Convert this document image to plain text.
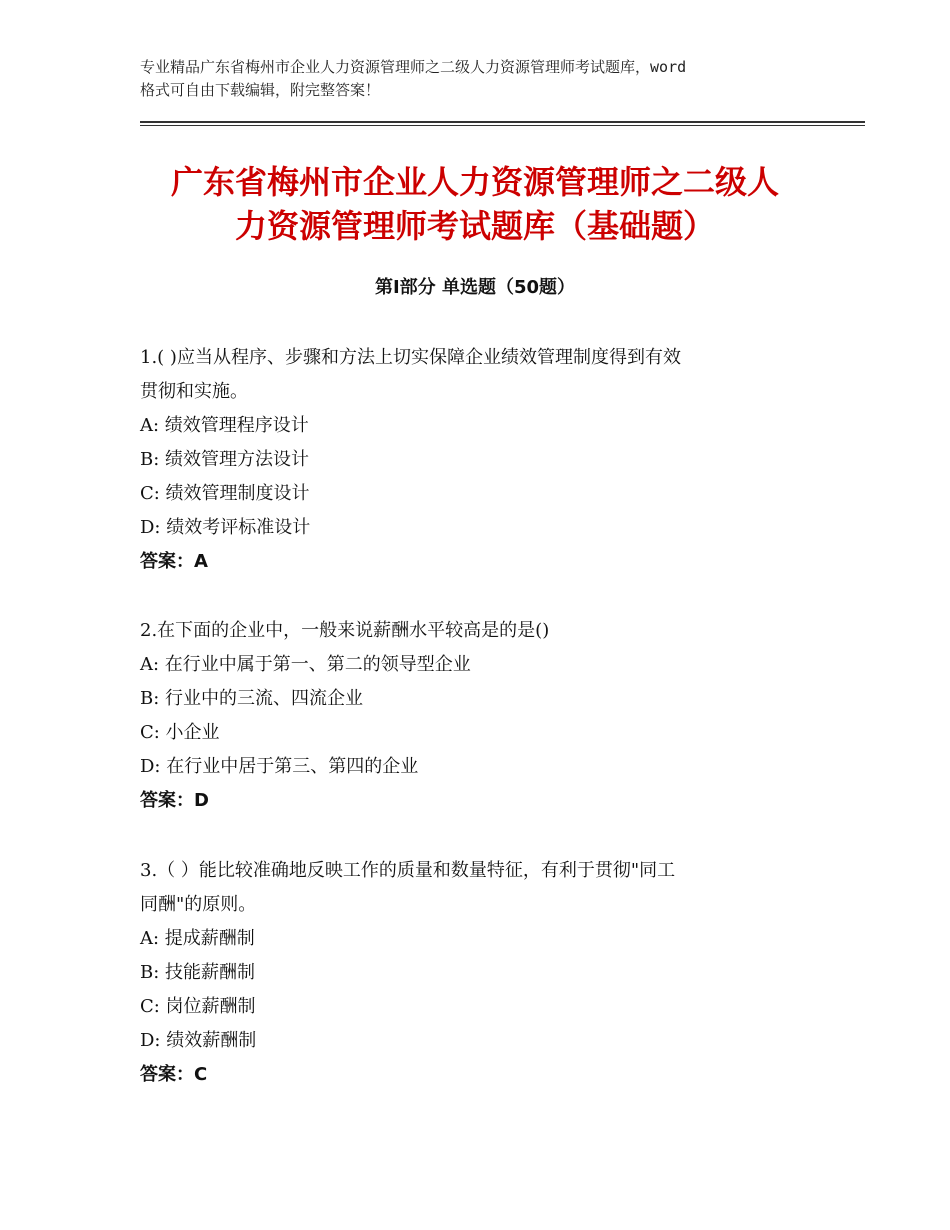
专业精品广东省梅州市企业人力资源管理师之二级人力资源管理师考试题库，word
格式可自由下载编辑，附完整答案！
广东省梅州市企业人力资源管理师之二级人
力资源管理师考试题库（基础题）
第Ⅰ部分 单选题（50题）
1.( )应当从程序、步骤和方法上切实保障企业绩效管理制度得到有效
贯彻和实施。
A: 绩效管理程序设计
B: 绩效管理方法设计
C: 绩效管理制度设计
D: 绩效考评标准设计
答案：A
2.在下面的企业中，一般来说薪酬水平较高是的是()
A: 在行业中属于第一、第二的领导型企业
B: 行业中的三流、四流企业
C: 小企业
D: 在行业中居于第三、第四的企业
答案：D
3.（ ）能比较准确地反映工作的质量和数量特征，有利于贯彻"同工
同酬"的原则。
A: 提成薪酬制
B: 技能薪酬制
C: 岗位薪酬制
D: 绩效薪酬制
答案：C
